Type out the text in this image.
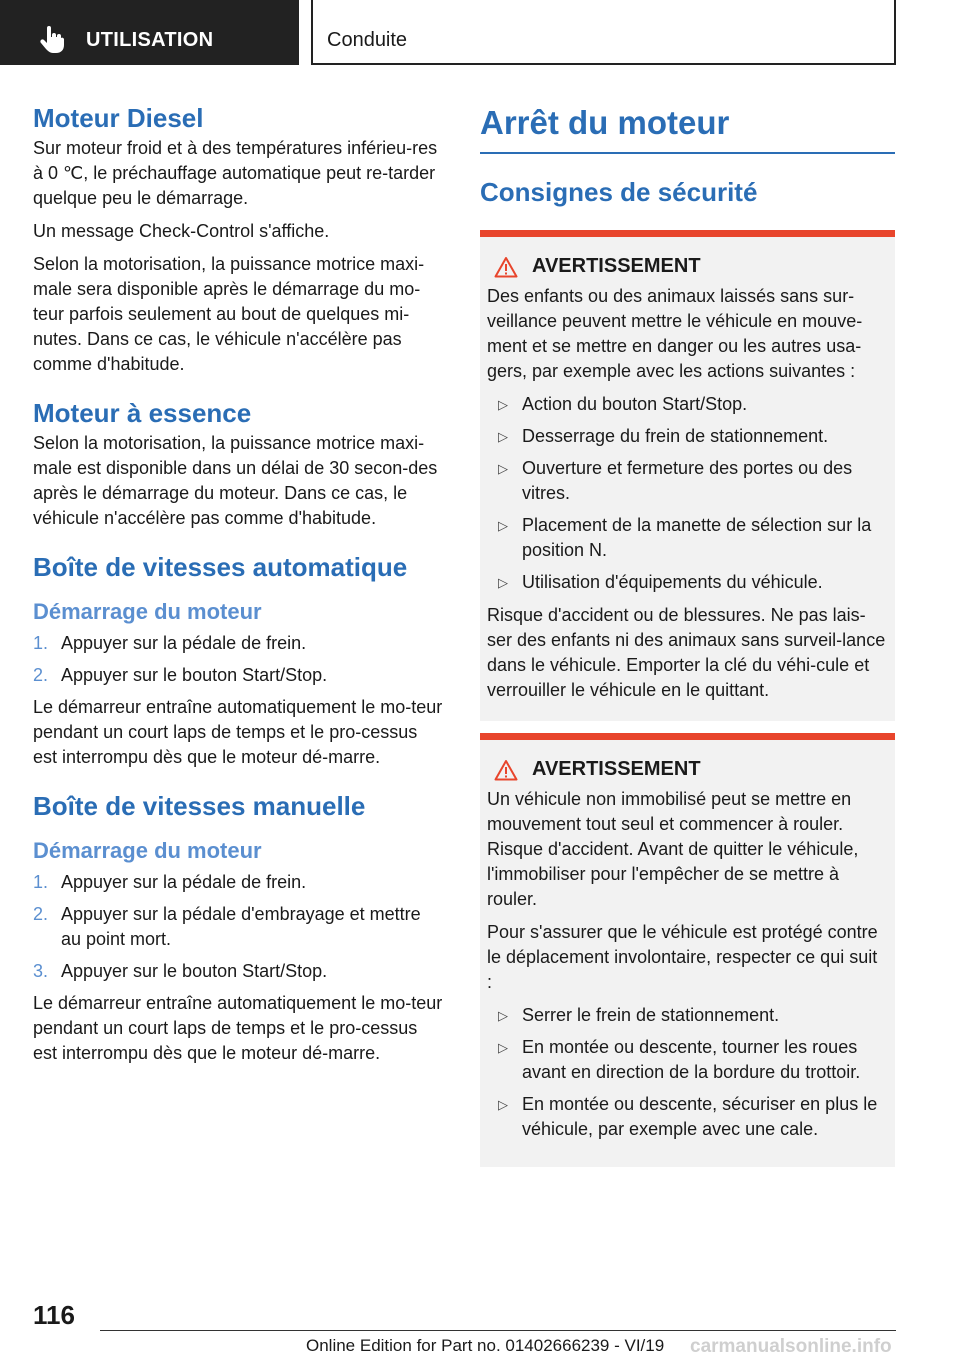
UTILISATION	Conduite
Moteur Diesel

Sur moteur froid et à des températures inférieu-res à 0 ℃, le préchauffage automatique peut re-tarder quelque peu le démarrage.

Un message Check-Control s'affiche.

Selon la motorisation, la puissance motrice maxi-male sera disponible après le démarrage du mo-teur parfois seulement au bout de quelques mi-nutes. Dans ce cas, le véhicule n'accélère pas comme d'habitude.

Moteur à essence

Selon la motorisation, la puissance motrice maxi-male est disponible dans un délai de 30 secon-des après le démarrage du moteur. Dans ce cas, le véhicule n'accélère pas comme d'habitude.

Boîte de vitesses automatique
Démarrage du moteur
1. Appuyer sur la pédale de frein.
2. Appuyer sur le bouton Start/Stop.

Le démarreur entraîne automatiquement le mo-teur pendant un court laps de temps et le pro-cessus est interrompu dès que le moteur dé-marre.

Boîte de vitesses manuelle
Démarrage du moteur
1. Appuyer sur la pédale de frein.
2. Appuyer sur la pédale d'embrayage et mettre au point mort.
3. Appuyer sur le bouton Start/Stop.

Le démarreur entraîne automatiquement le mo-teur pendant un court laps de temps et le pro-cessus est interrompu dès que le moteur dé-marre.

Arrêt du moteur
Consignes de sécurité
AVERTISSEMENT

Des enfants ou des animaux laissés sans sur-veillance peuvent mettre le véhicule en mouve-ment et se mettre en danger ou les autres usa-gers, par exemple avec les actions suivantes :

▷ Action du bouton Start/Stop.
▷ Desserrage du frein de stationnement.
▷ Ouverture et fermeture des portes ou des vitres.
▷ Placement de la manette de sélection sur la position N.
▷ Utilisation d'équipements du véhicule.

Risque d'accident ou de blessures. Ne pas lais-ser des enfants ni des animaux sans surveil-lance dans le véhicule. Emporter la clé du véhi-cule et verrouiller le véhicule en le quittant.

AVERTISSEMENT

Un véhicule non immobilisé peut se mettre en mouvement tout seul et commencer à rouler. Risque d'accident. Avant de quitter le véhicule, l'immobiliser pour l'empêcher de se mettre à rouler.

Pour s'assurer que le véhicule est protégé contre le déplacement involontaire, respecter ce qui suit :

▷ Serrer le frein de stationnement.
▷ En montée ou descente, tourner les roues avant en direction de la bordure du trottoir.
▷ En montée ou descente, sécuriser en plus le véhicule, par exemple avec une cale.
116
Online Edition for Part no. 01402666239 - VI/19 carmanualsonline.info
